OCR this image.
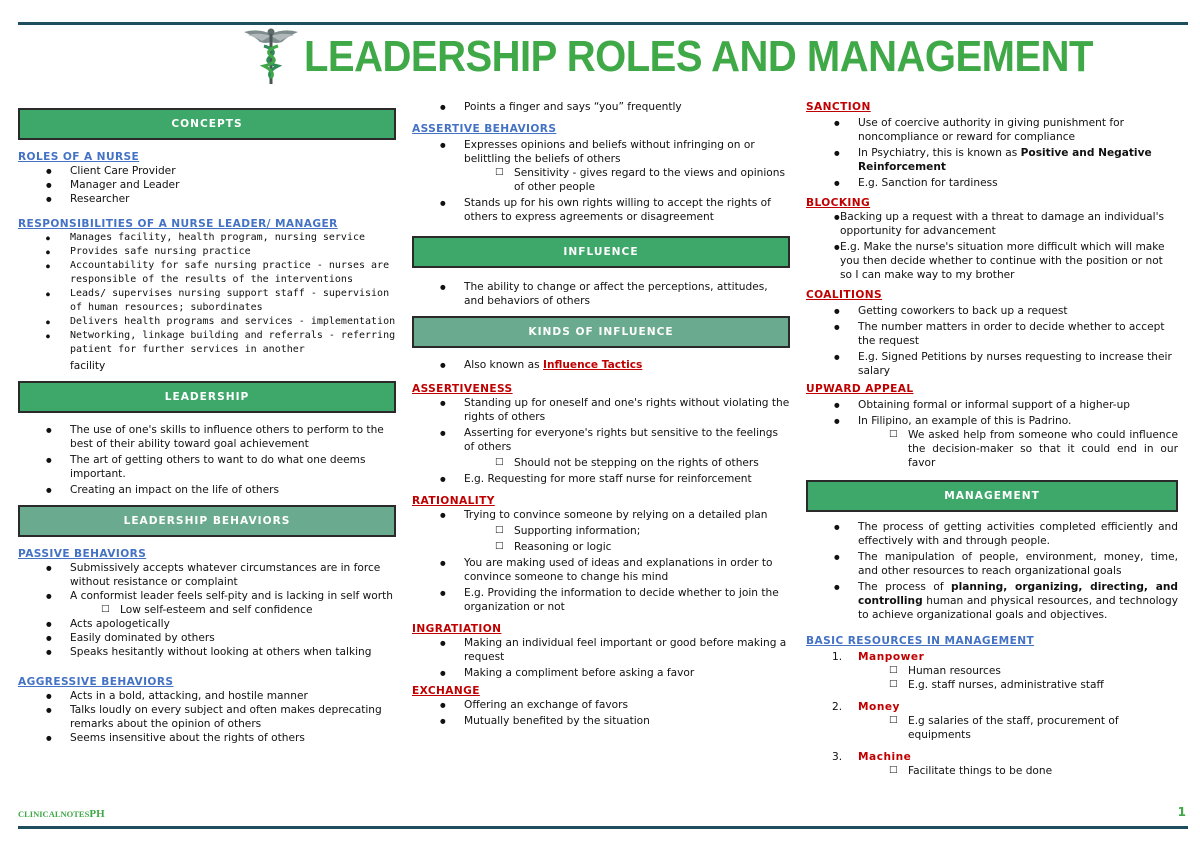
LEADERSHIP ROLES AND MANAGEMENT
CONCEPTS
ROLES OF A NURSE
● Client Care Provider
● Manager and Leader
● Researcher
RESPONSIBILITIES OF A NURSE LEADER/ MANAGER
● Manages facility, health program, nursing service
● Provides safe nursing practice
● Accountability for safe nursing practice - nurses are responsible of the results of the interventions
● Leads/ supervises nursing support staff - supervision of human resources; subordinates
● Delivers health programs and services - implementation
● Networking, linkage building and referrals - referring patient for further services in another
facility
LEADERSHIP
● The use of one's skills to influence others to perform to the best of their ability toward goal achievement
● The art of getting others to want to do what one deems important.
● Creating an impact on the life of others
LEADERSHIP BEHAVIORS
PASSIVE BEHAVIORS
● Submissively accepts whatever circumstances are in force without resistance or complaint
● A conformist leader feels self-pity and is lacking in self worth
□ Low self-esteem and self confidence
● Acts apologetically
● Easily dominated by others
● Speaks hesitantly without looking at others when talking
AGGRESSIVE BEHAVIORS
● Acts in a bold, attacking, and hostile manner
● Talks loudly on every subject and often makes deprecating remarks about the opinion of others
● Seems insensitive about the rights of others
● Points a finger and says “you” frequently
ASSERTIVE BEHAVIORS
● Expresses opinions and beliefs without infringing on or belittling the beliefs of others
□ Sensitivity - gives regard to the views and opinions of other people
● Stands up for his own rights willing to accept the rights of others to express agreements or disagreement
INFLUENCE
● The ability to change or affect the perceptions, attitudes, and behaviors of others
KINDS OF INFLUENCE
● Also known as Influence Tactics
ASSERTIVENESS
● Standing up for oneself and one's rights without violating the rights of others
● Asserting for everyone's rights but sensitive to the feelings of others
□ Should not be stepping on the rights of others
● E.g. Requesting for more staff nurse for reinforcement
RATIONALITY
● Trying to convince someone by relying on a detailed plan
□ Supporting information;
□ Reasoning or logic
● You are making used of ideas and explanations in order to convince someone to change his mind
● E.g. Providing the information to decide whether to join the organization or not
INGRATIATION
● Making an individual feel important or good before making a request
● Making a compliment before asking a favor
EXCHANGE
● Offering an exchange of favors
● Mutually benefited by the situation
SANCTION
● Use of coercive authority in giving punishment for noncompliance or reward for compliance
● In Psychiatry, this is known as Positive and Negative Reinforcement
● E.g. Sanction for tardiness
BLOCKING
● Backing up a request with a threat to damage an individual's opportunity for advancement
● E.g. Make the nurse's situation more difficult which will make you then decide whether to continue with the position or not so I can make way to my brother
COALITIONS
● Getting coworkers to back up a request
● The number matters in order to decide whether to accept the request
● E.g. Signed Petitions by nurses requesting to increase their salary
UPWARD APPEAL
● Obtaining formal or informal support of a higher-up
● In Filipino, an example of this is Padrino.
□ We asked help from someone who could influence the decision-maker so that it could end in our favor
MANAGEMENT
● The process of getting activities completed efficiently and effectively with and through people.
● The manipulation of people, environment, money, time, and other resources to reach organizational goals
● The process of planning, organizing, directing, and controlling human and physical resources, and technology to achieve organizational goals and objectives.
BASIC RESOURCES IN MANAGEMENT
1. Manpower
□ Human resources
□ E.g. staff nurses, administrative staff
2. Money
□ E.g salaries of the staff, procurement of equipments
3. Machine
□ Facilitate things to be done
CLINICALNOTESPH	1
